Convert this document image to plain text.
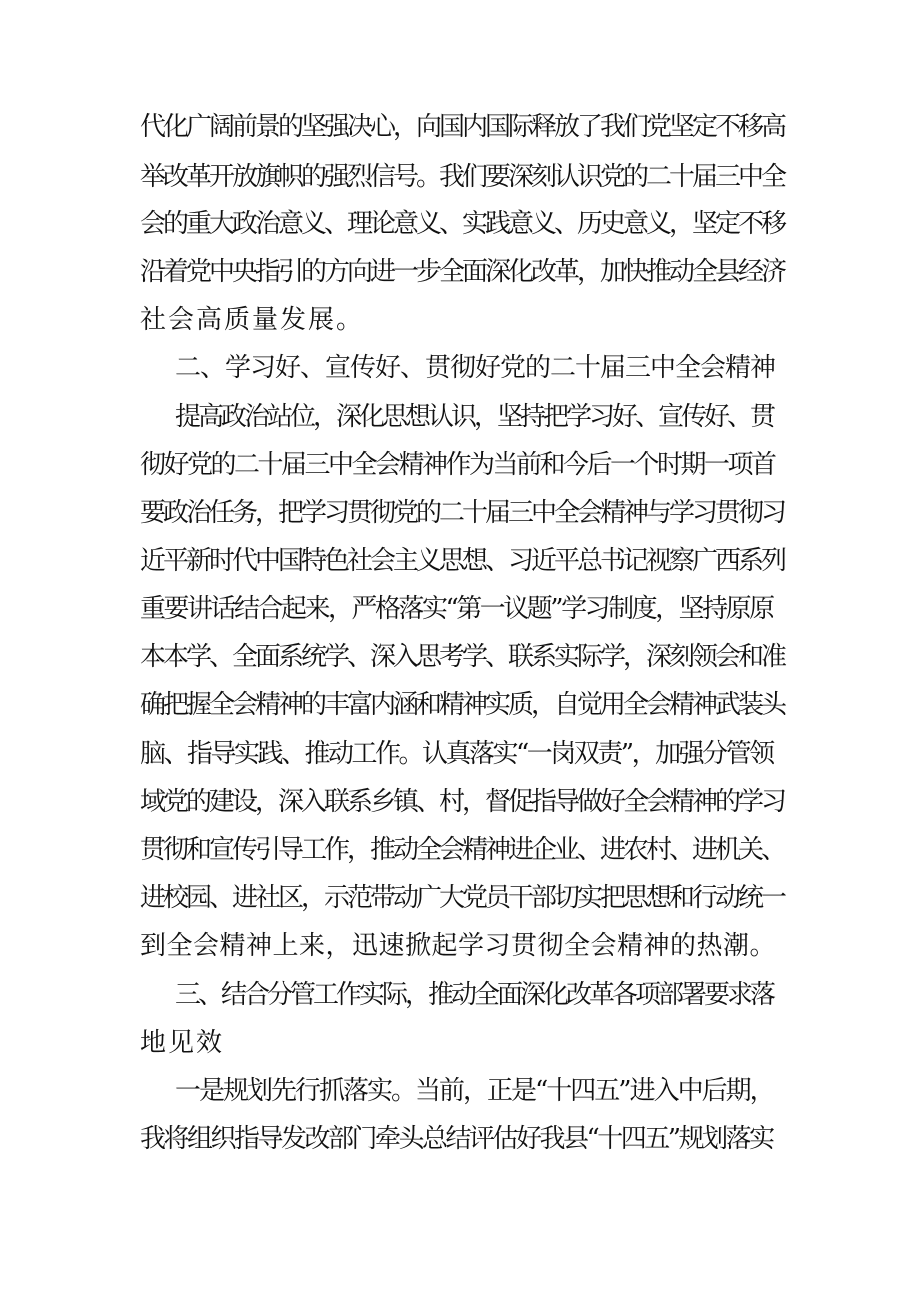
代化广阔前景的坚强决心，向国内国际释放了我们党坚定不移高
举改革开放旗帜的强烈信号。我们要深刻认识党的二十届三中全
会的重大政治意义、理论意义、实践意义、历史意义，坚定不移
沿着党中央指引的方向进一步全面深化改革，加快推动全县经济
社会高质量发展。
二、学习好、宣传好、贯彻好党的二十届三中全会精神
提高政治站位，深化思想认识，坚持把学习好、宣传好、贯
彻好党的二十届三中全会精神作为当前和今后一个时期一项首
要政治任务，把学习贯彻党的二十届三中全会精神与学习贯彻习
近平新时代中国特色社会主义思想、习近平总书记视察广西系列
重要讲话结合起来，严格落实“第一议题”学习制度，坚持原原
本本学、全面系统学、深入思考学、联系实际学，深刻领会和准
确把握全会精神的丰富内涵和精神实质，自觉用全会精神武装头
脑、指导实践、推动工作。认真落实“一岗双责”，加强分管领
域党的建设，深入联系乡镇、村，督促指导做好全会精神的学习
贯彻和宣传引导工作，推动全会精神进企业、进农村、进机关、
进校园、进社区，示范带动广大党员干部切实把思想和行动统一
到全会精神上来，迅速掀起学习贯彻全会精神的热潮。
三、结合分管工作实际，推动全面深化改革各项部署要求落
地见效
一是规划先行抓落实。当前，正是“十四五”进入中后期，
我将组织指导发改部门牵头总结评估好我县“十四五”规划落实
